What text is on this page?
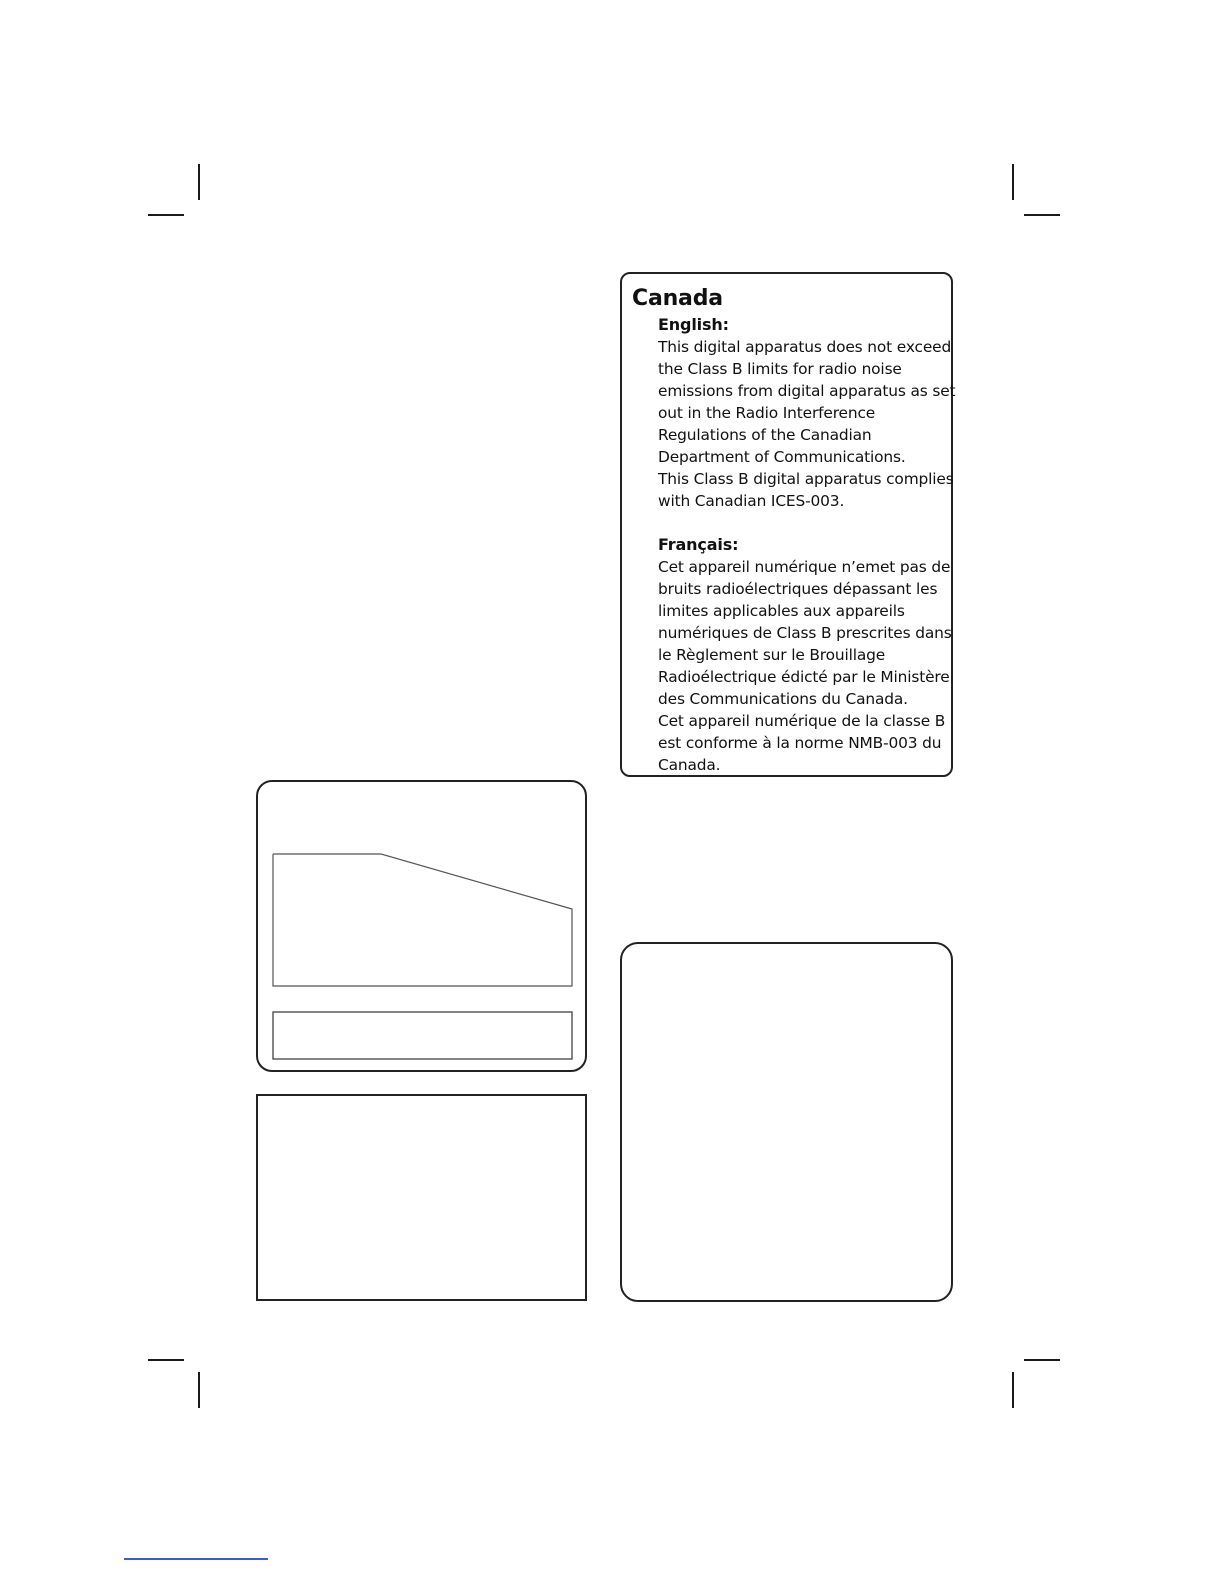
Canada
English:
This digital apparatus does not exceed
the Class B limits for radio noise
emissions from digital apparatus as set
out in the Radio Interference
Regulations of the Canadian
Department of Communications.
This Class B digital apparatus complies
with Canadian ICES-003.
Français:
Cet appareil numérique n’emet pas de
bruits radioélectriques dépassant les
limites applicables aux appareils
numériques de Class B prescrites dans
le Règlement sur le Brouillage
Radioélectrique édicté par le Ministère
des Communications du Canada.
Cet appareil numérique de la classe B
est conforme à la norme NMB-003 du
Canada.
